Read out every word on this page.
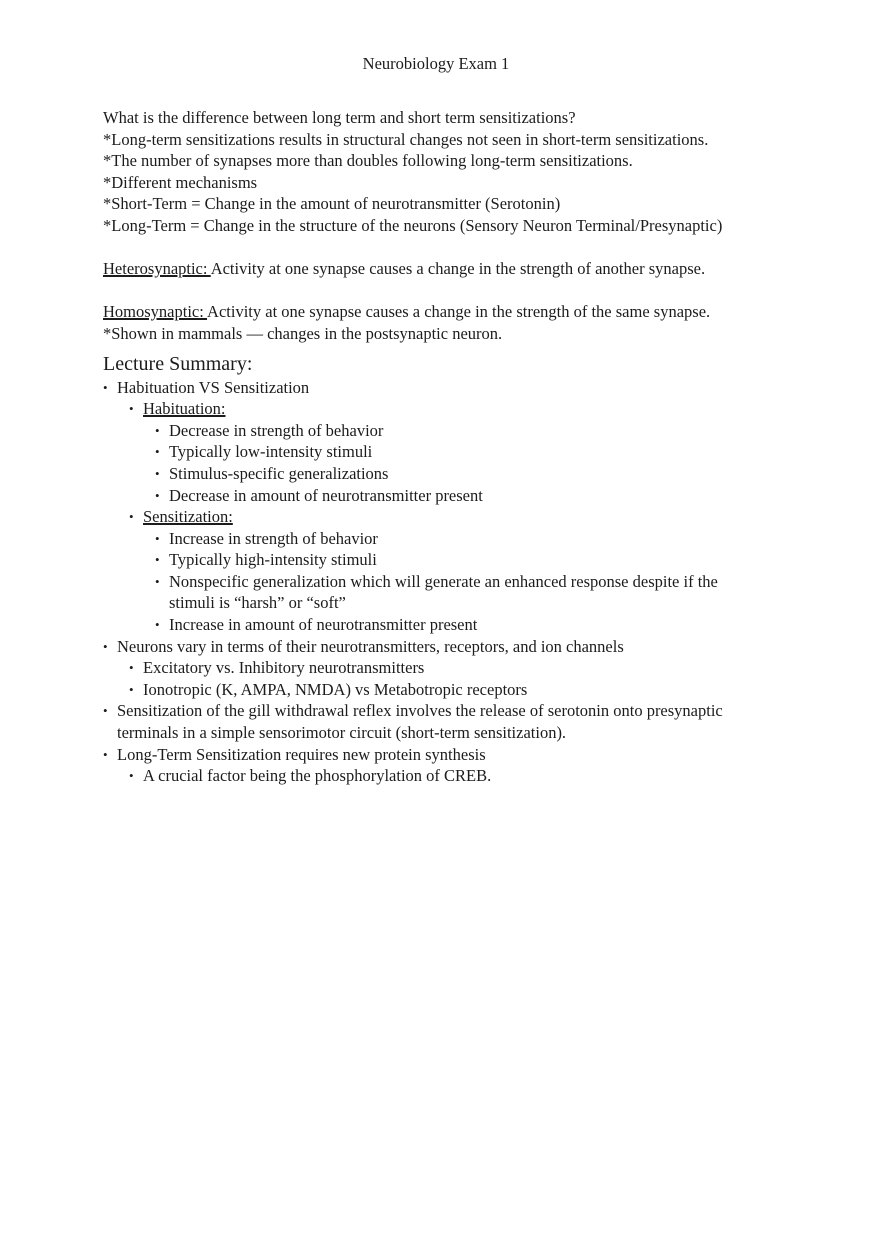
Neurobiology Exam 1
What is the difference between long term and short term sensitizations?
*Long-term sensitizations results in structural changes not seen in short-term sensitizations.
*The number of synapses more than doubles following long-term sensitizations.
*Different mechanisms
*Short-Term = Change in the amount of neurotransmitter (Serotonin)
*Long-Term = Change in the structure of the neurons (Sensory Neuron Terminal/Presynaptic)
Heterosynaptic: Activity at one synapse causes a change in the strength of another synapse.
Homosynaptic: Activity at one synapse causes a change in the strength of the same synapse.
*Shown in mammals — changes in the postsynaptic neuron.
Lecture Summary:
• Habituation VS Sensitization
• Habituation:
• Decrease in strength of behavior
• Typically low-intensity stimuli
• Stimulus-specific generalizations
• Decrease in amount of neurotransmitter present
• Sensitization:
• Increase in strength of behavior
• Typically high-intensity stimuli
• Nonspecific generalization which will generate an enhanced response despite if the stimuli is “harsh” or “soft”
• Increase in amount of neurotransmitter present
• Neurons vary in terms of their neurotransmitters, receptors, and ion channels
• Excitatory vs. Inhibitory neurotransmitters
• Ionotropic (K, AMPA, NMDA) vs Metabotropic receptors
• Sensitization of the gill withdrawal reflex involves the release of serotonin onto presynaptic terminals in a simple sensorimotor circuit (short-term sensitization).
• Long-Term Sensitization requires new protein synthesis
• A crucial factor being the phosphorylation of CREB.
